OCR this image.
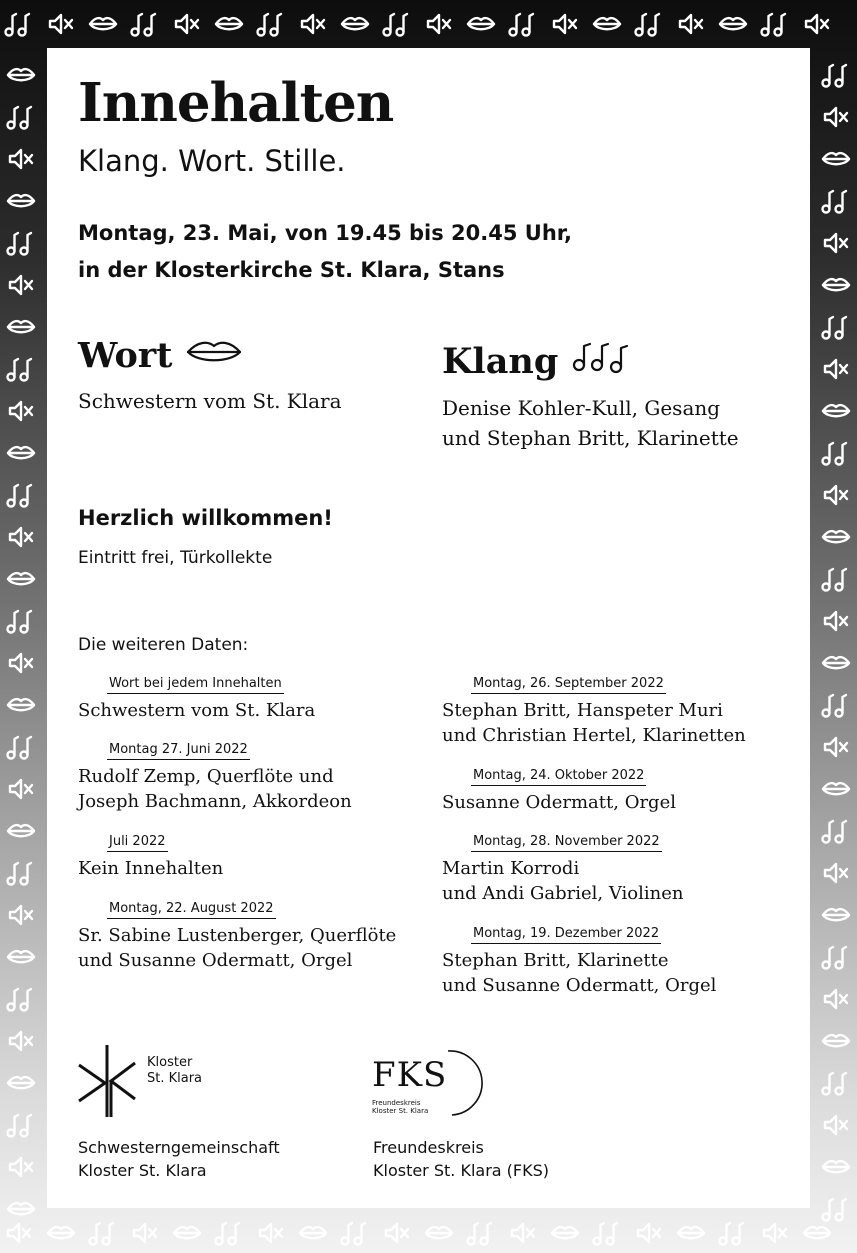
Innehalten
Klang. Wort. Stille.
Montag, 23. Mai, von 19.45 bis 20.45 Uhr,
in der Klosterkirche St. Klara, Stans
Wort
Schwestern vom St. Klara
Klang
Denise Kohler-Kull, Gesang
und Stephan Britt, Klarinette
Herzlich willkommen!
Eintritt frei, Türkollekte
Die weiteren Daten:
Wort bei jedem Innehalten
Schwestern vom St. Klara
Montag 27. Juni 2022
Rudolf Zemp, Querflöte und
Joseph Bachmann, Akkordeon
Juli 2022
Kein Innehalten
Montag, 22. August 2022
Sr. Sabine Lustenberger, Querflöte
und Susanne Odermatt, Orgel
Montag, 26. September 2022
Stephan Britt, Hanspeter Muri
und Christian Hertel, Klarinetten
Montag, 24. Oktober 2022
Susanne Odermatt, Orgel
Montag, 28. November 2022
Martin Korrodi
und Andi Gabriel, Violinen
Montag, 19. Dezember 2022
Stephan Britt, Klarinette
und Susanne Odermatt, Orgel
Kloster
St. Klara	FKS
Freundeskreis
Kloster St. Klara
Schwesterngemeinschaft
Kloster St. Klara
Freundeskreis
Kloster St. Klara (FKS)
